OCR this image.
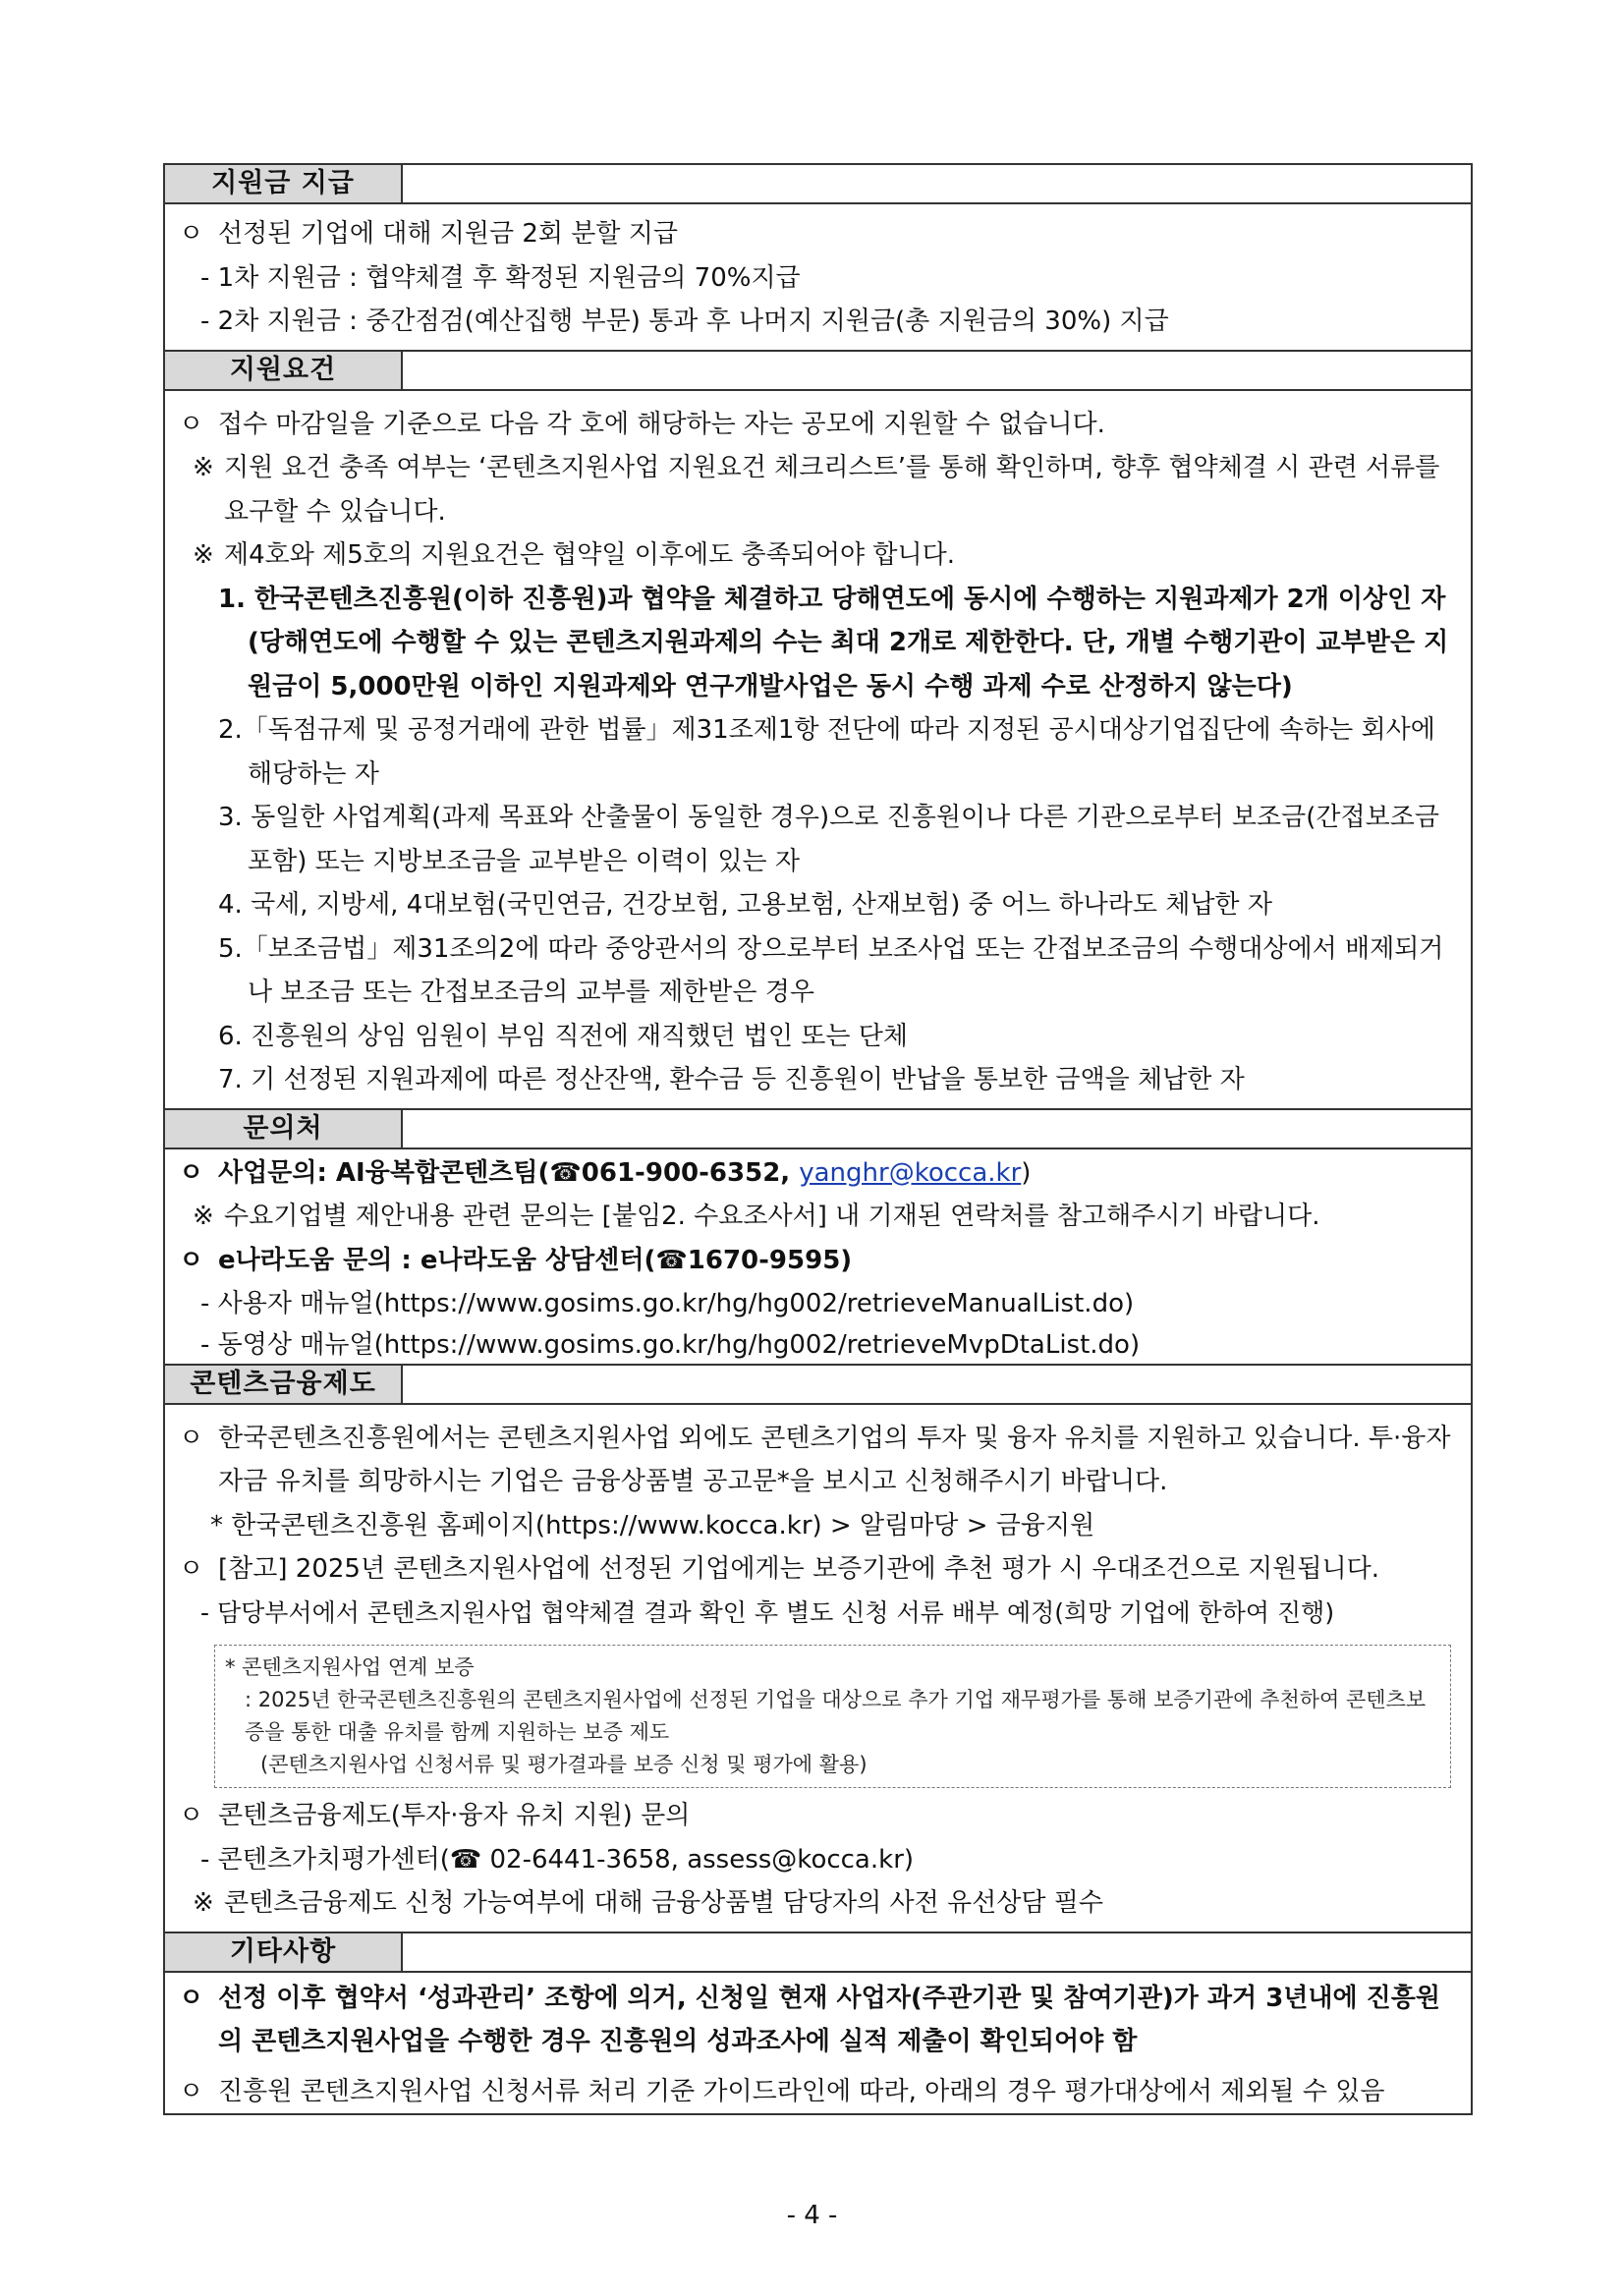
지원금 지급
ㅇ 선정된 기업에 대해 지원금 2회 분할 지급
- 1차 지원금 : 협약체결 후 확정된 지원금의 70%지급
- 2차 지원금 : 중간점검(예산집행 부문) 통과 후 나머지 지원금(총 지원금의 30%) 지급
지원요건
ㅇ 접수 마감일을 기준으로 다음 각 호에 해당하는 자는 공모에 지원할 수 없습니다.
※ 지원 요건 충족 여부는 ‘콘텐츠지원사업 지원요건 체크리스트’를 통해 확인하며, 향후 협약체결 시 관련 서류를 요구할 수 있습니다.
※ 제4호와 제5호의 지원요건은 협약일 이후에도 충족되어야 합니다.
1. 한국콘텐츠진흥원(이하 진흥원)과 협약을 체결하고 당해연도에 동시에 수행하는 지원과제가 2개 이상인 자(당해연도에 수행할 수 있는 콘텐츠지원과제의 수는 최대 2개로 제한한다. 단, 개별 수행기관이 교부받은 지원금이 5,000만원 이하인 지원과제와 연구개발사업은 동시 수행 과제 수로 산정하지 않는다)
2.「독점규제 및 공정거래에 관한 법률」제31조제1항 전단에 따라 지정된 공시대상기업집단에 속하는 회사에 해당하는 자
3. 동일한 사업계획(과제 목표와 산출물이 동일한 경우)으로 진흥원이나 다른 기관으로부터 보조금(간접보조금 포함) 또는 지방보조금을 교부받은 이력이 있는 자
4. 국세, 지방세, 4대보험(국민연금, 건강보험, 고용보험, 산재보험) 중 어느 하나라도 체납한 자
5.「보조금법」제31조의2에 따라 중앙관서의 장으로부터 보조사업 또는 간접보조금의 수행대상에서 배제되거나 보조금 또는 간접보조금의 교부를 제한받은 경우
6. 진흥원의 상임 임원이 부임 직전에 재직했던 법인 또는 단체
7. 기 선정된 지원과제에 따른 정산잔액, 환수금 등 진흥원이 반납을 통보한 금액을 체납한 자
문의처
ㅇ 사업문의: AI융복합콘텐츠팀(☎061-900-6352, yanghr@kocca.kr)
※ 수요기업별 제안내용 관련 문의는 [붙임2. 수요조사서] 내 기재된 연락처를 참고해주시기 바랍니다.
ㅇ e나라도움 문의 : e나라도움 상담센터(☎1670-9595)
- 사용자 매뉴얼(https://www.gosims.go.kr/hg/hg002/retrieveManualList.do)
- 동영상 매뉴얼(https://www.gosims.go.kr/hg/hg002/retrieveMvpDtaList.do)
콘텐츠금융제도
ㅇ 한국콘텐츠진흥원에서는 콘텐츠지원사업 외에도 콘텐츠기업의 투자 및 융자 유치를 지원하고 있습니다. 투·융자 자금 유치를 희망하시는 기업은 금융상품별 공고문*을 보시고 신청해주시기 바랍니다.
* 한국콘텐츠진흥원 홈페이지(https://www.kocca.kr) > 알림마당 > 금융지원
ㅇ [참고] 2025년 콘텐츠지원사업에 선정된 기업에게는 보증기관에 추천 평가 시 우대조건으로 지원됩니다.
- 담당부서에서 콘텐츠지원사업 협약체결 결과 확인 후 별도 신청 서류 배부 예정(희망 기업에 한하여 진행)
* 콘텐츠지원사업 연계 보증
: 2025년 한국콘텐츠진흥원의 콘텐츠지원사업에 선정된 기업을 대상으로 추가 기업 재무평가를 통해 보증기관에 추천하여 콘텐츠보증을 통한 대출 유치를 함께 지원하는 보증 제도
(콘텐츠지원사업 신청서류 및 평가결과를 보증 신청 및 평가에 활용)
ㅇ 콘텐츠금융제도(투자·융자 유치 지원) 문의
- 콘텐츠가치평가센터(☎ 02-6441-3658, assess@kocca.kr)
※ 콘텐츠금융제도 신청 가능여부에 대해 금융상품별 담당자의 사전 유선상담 필수
기타사항
ㅇ 선정 이후 협약서 ‘성과관리’ 조항에 의거, 신청일 현재 사업자(주관기관 및 참여기관)가 과거 3년내에 진흥원의 콘텐츠지원사업을 수행한 경우 진흥원의 성과조사에 실적 제출이 확인되어야 함
ㅇ 진흥원 콘텐츠지원사업 신청서류 처리 기준 가이드라인에 따라, 아래의 경우 평가대상에서 제외될 수 있음
- 4 -
